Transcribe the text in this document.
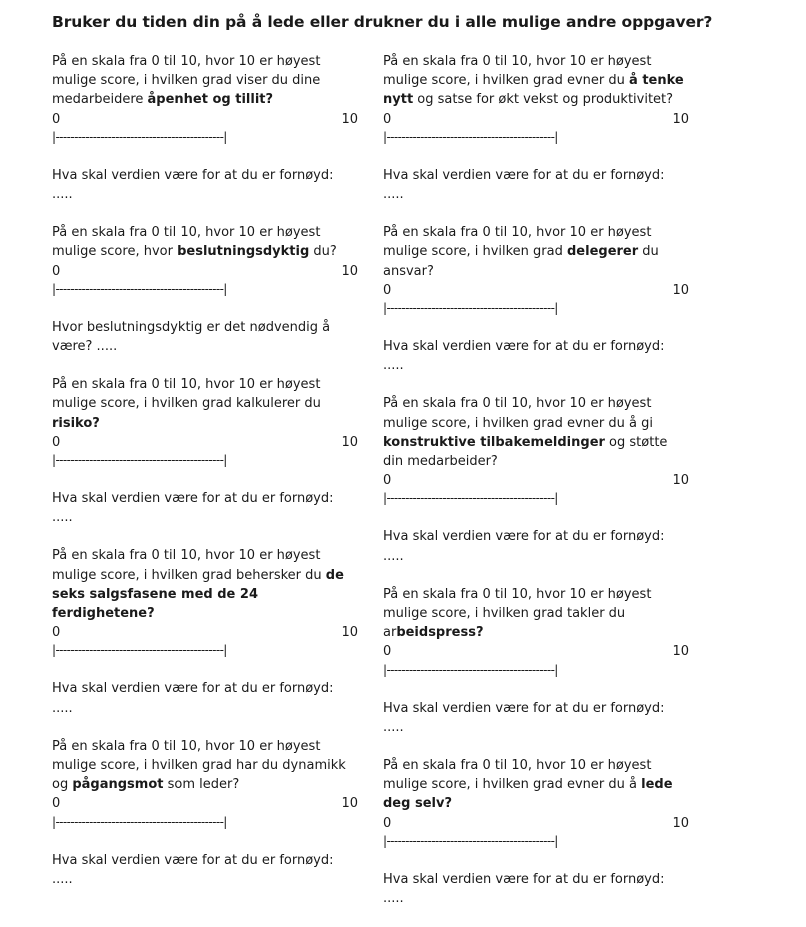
Bruker du tiden din på å lede eller drukner du i alle mulige andre oppgaver?

På en skala fra 0 til 10, hvor 10 er høyest mulige score, i hvilken grad viser du dine medarbeidere åpenhet og tillit?

0	10
|---------------------------------------------|
Hva skal verdien være for at du er fornøyd: .....

På en skala fra 0 til 10, hvor 10 er høyest mulige score, hvor beslutningsdyktig du?

0	10
|---------------------------------------------|
Hvor beslutningsdyktig er det nødvendig å være? .....

På en skala fra 0 til 10, hvor 10 er høyest mulige score, i hvilken grad kalkulerer du risiko?

0	10
|---------------------------------------------|
Hva skal verdien være for at du er fornøyd: .....

På en skala fra 0 til 10, hvor 10 er høyest mulige score, i hvilken grad behersker du de seks salgsfasene med de 24 ferdighetene?

0	10
|---------------------------------------------|
Hva skal verdien være for at du er fornøyd: .....

På en skala fra 0 til 10, hvor 10 er høyest mulige score, i hvilken grad har du dynamikk og pågangsmot som leder?

0	10
|---------------------------------------------|
Hva skal verdien være for at du er fornøyd: .....

På en skala fra 0 til 10, hvor 10 er høyest mulige score, i hvilken grad evner du å tenke nytt og satse for økt vekst og produktivitet?

0	10
|---------------------------------------------|
Hva skal verdien være for at du er fornøyd: .....

På en skala fra 0 til 10, hvor 10 er høyest mulige score, i hvilken grad delegerer du ansvar?

0	10
|---------------------------------------------|
Hva skal verdien være for at du er fornøyd: .....

På en skala fra 0 til 10, hvor 10 er høyest mulige score, i hvilken grad evner du å gi konstruktive tilbakemeldinger og støtte din medarbeider?

0	10
|---------------------------------------------|
Hva skal verdien være for at du er fornøyd: .....

På en skala fra 0 til 10, hvor 10 er høyest mulige score, i hvilken grad takler du arbeidspress?

0	10
|---------------------------------------------|
Hva skal verdien være for at du er fornøyd: .....

På en skala fra 0 til 10, hvor 10 er høyest mulige score, i hvilken grad evner du å lede deg selv?

0	10
|---------------------------------------------|
Hva skal verdien være for at du er fornøyd: .....
